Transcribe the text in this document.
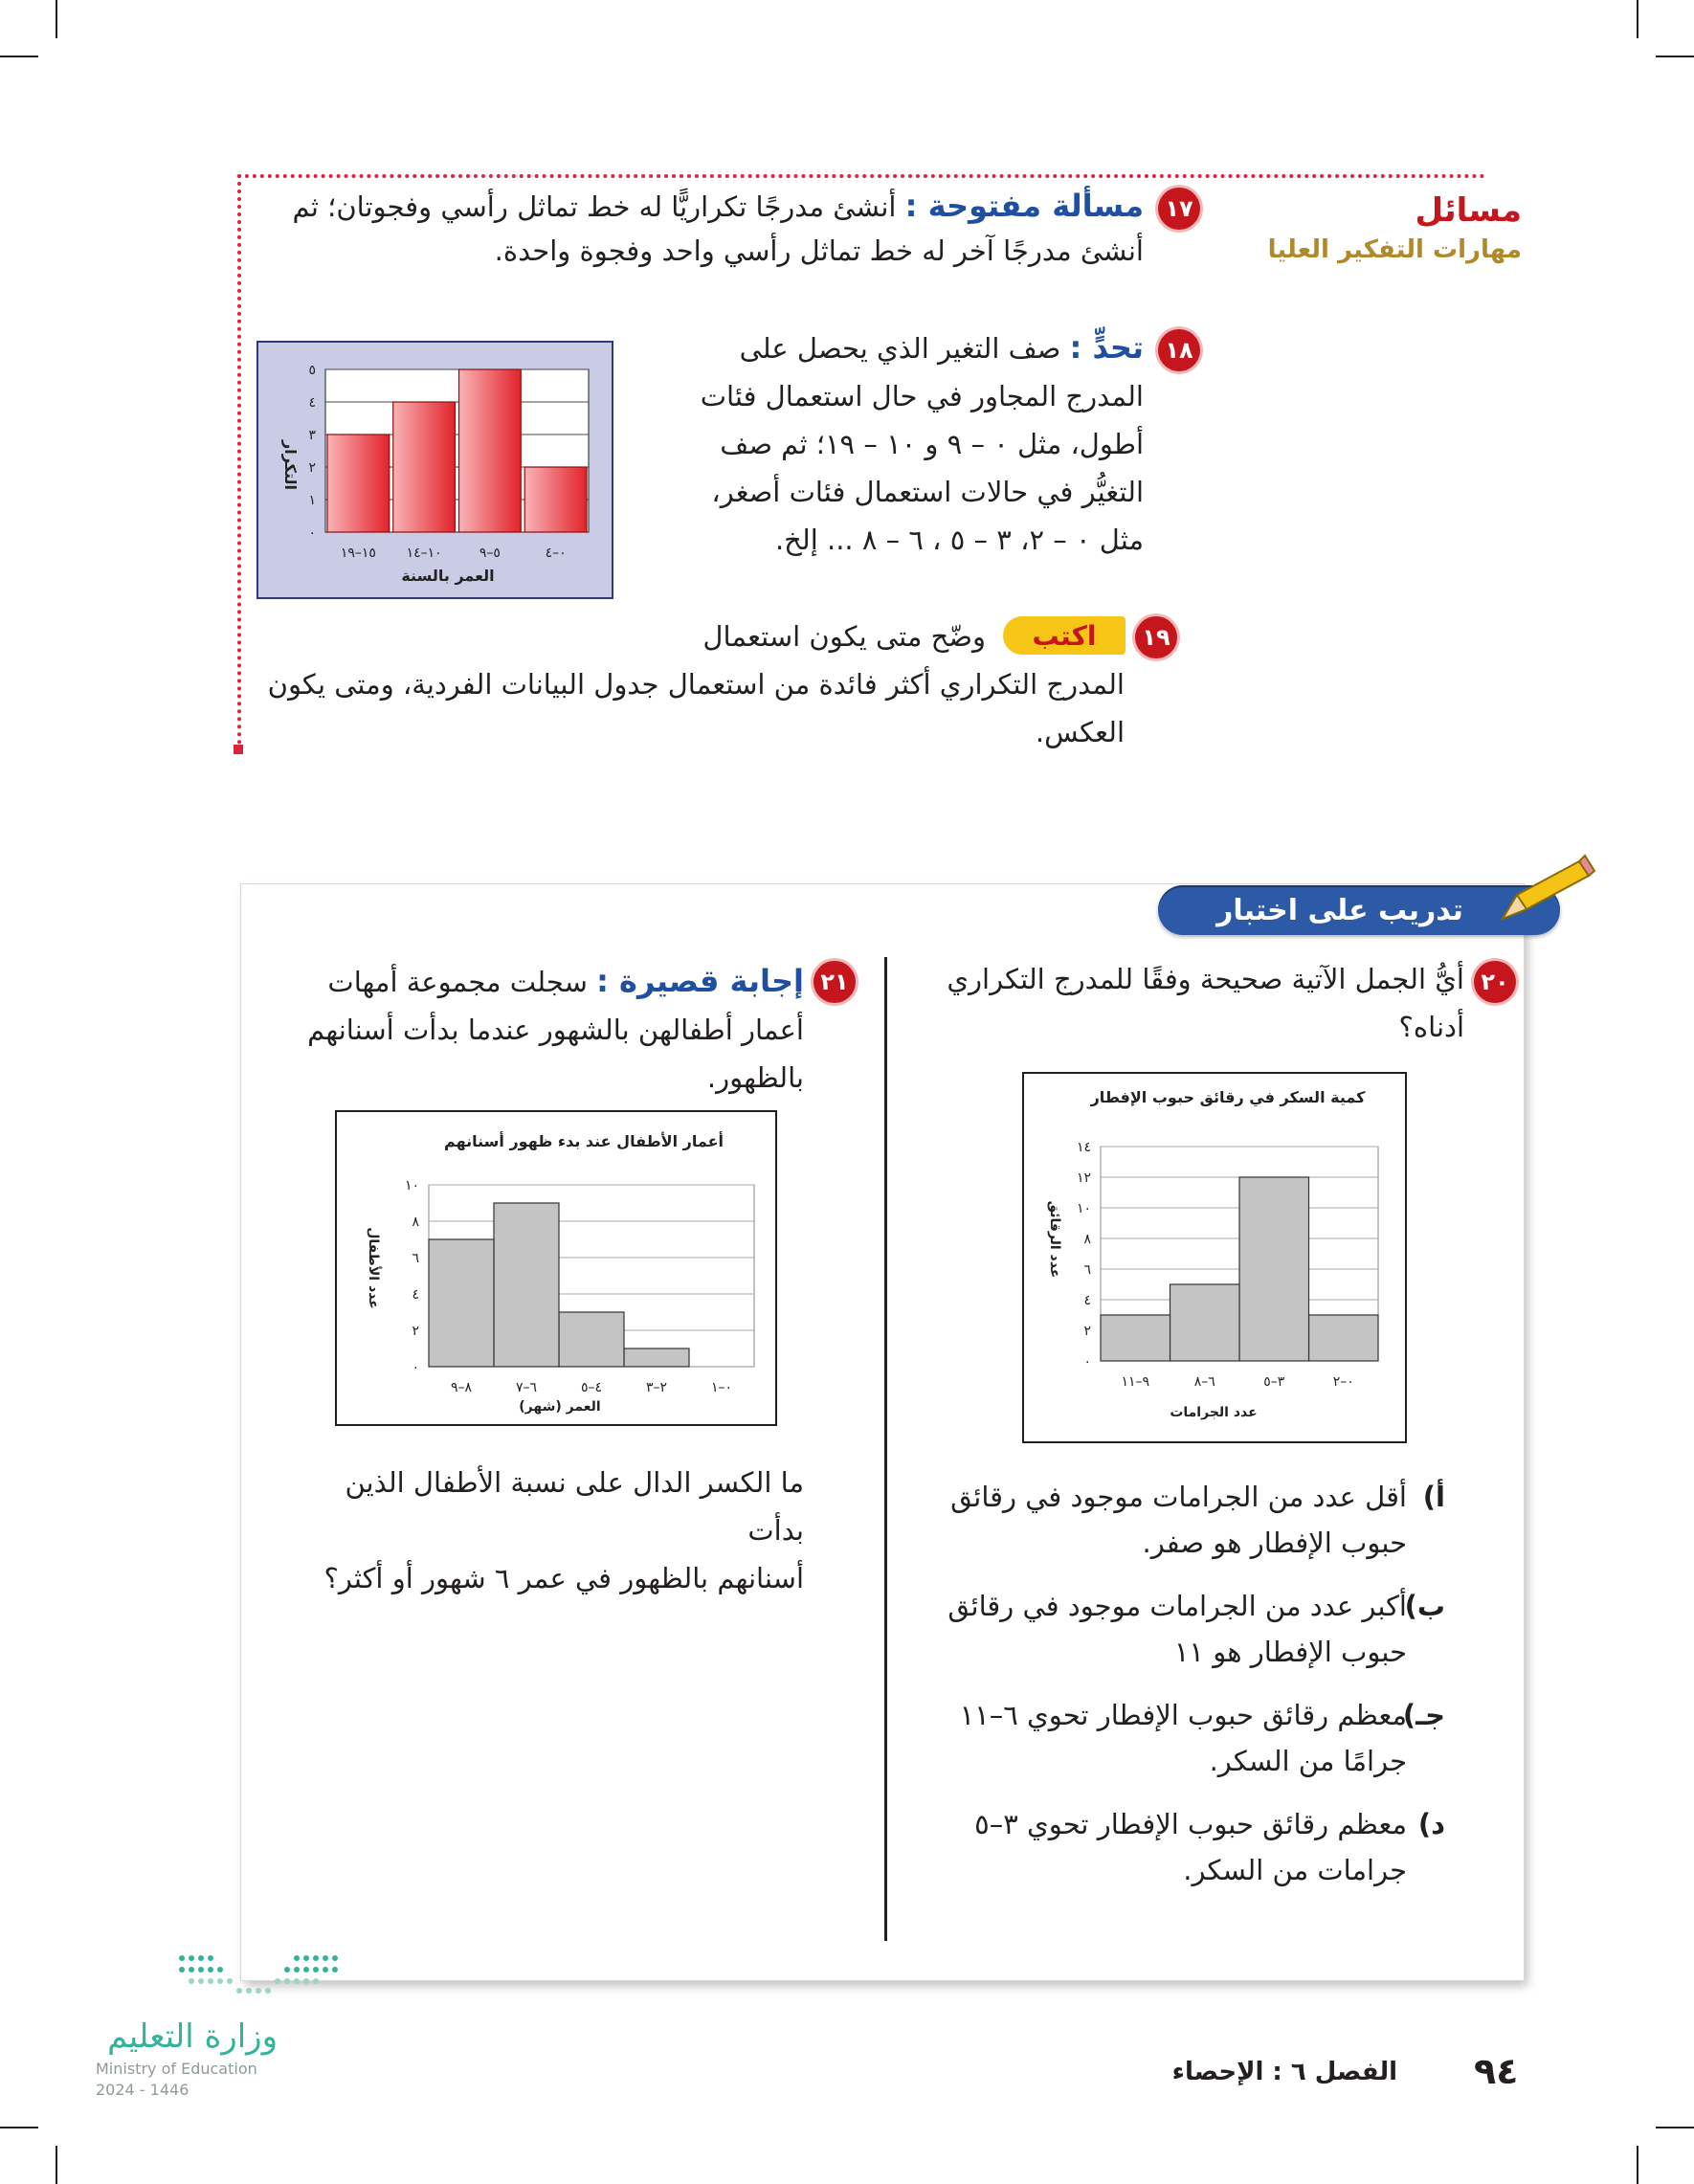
مسائل
مهارات التفكير العليا
١٧
مسألة مفتوحة : أنشئ مدرجًا تكراريًّا له خط تماثل رأسي وفجوتان؛ ثم
أنشئ مدرجًا آخر له خط تماثل رأسي واحد وفجوة واحدة.
١٨
تحدٍّ : صف التغير الذي يحصل على
المدرج المجاور في حال استعمال فئات
أطول، مثل ٠ – ٩ و ١٠ – ١٩؛ ثم صف
التغيُّر في حالات استعمال فئات أصغر،
مثل ٠ – ٢، ٣ – ٥ ، ٦ – ٨ ... إلخ.
٠
١
٢
٣
٤
٥
٠–٤
٥–٩
١٠–١٤
١٥–١٩
العمر بالسنة
التكرار
١٩
اكتب
وضّح متى يكون استعمال
المدرج التكراري أكثر فائدة من استعمال جدول البيانات الفردية، ومتى يكون
العكس.
تدريب على اختبار
٢٠
أيُّ الجمل الآتية صحيحة وفقًا للمدرج التكراري
أدناه؟
كمية السكر في رقائق حبوب الإفطار
٠
٢
٤
٦
٨
١٠
١٢
١٤
٠–٢
٣–٥
٦–٨
٩–١١
عدد الجرامات
عدد الرقائق
أ)
أقل عدد من الجرامات موجود في رقائق
حبوب الإفطار هو صفر.
ب)
أكبر عدد من الجرامات موجود في رقائق
حبوب الإفطار هو ١١
جـ)
معظم رقائق حبوب الإفطار تحوي ٦–١١
جرامًا من السكر.
د)
معظم رقائق حبوب الإفطار تحوي ٣–٥
جرامات من السكر.
٢١
إجابة قصيرة : سجلت مجموعة أمهات
أعمار أطفالهن بالشهور عندما بدأت أسنانهم
بالظهور.
أعمار الأطفال عند بدء ظهور أسنانهم
٠
٢
٤
٦
٨
١٠
٠–١
٢–٣
٤–٥
٦–٧
٨–٩
العمر (شهر)
عدد الأطفال
ما الكسر الدال على نسبة الأطفال الذين بدأت
أسنانهم بالظهور في عمر ٦ شهور أو أكثر؟
وزارة التعليم
Ministry of Education
2024 - 1446
الفصل ٦ : الإحصاء ٩٤
